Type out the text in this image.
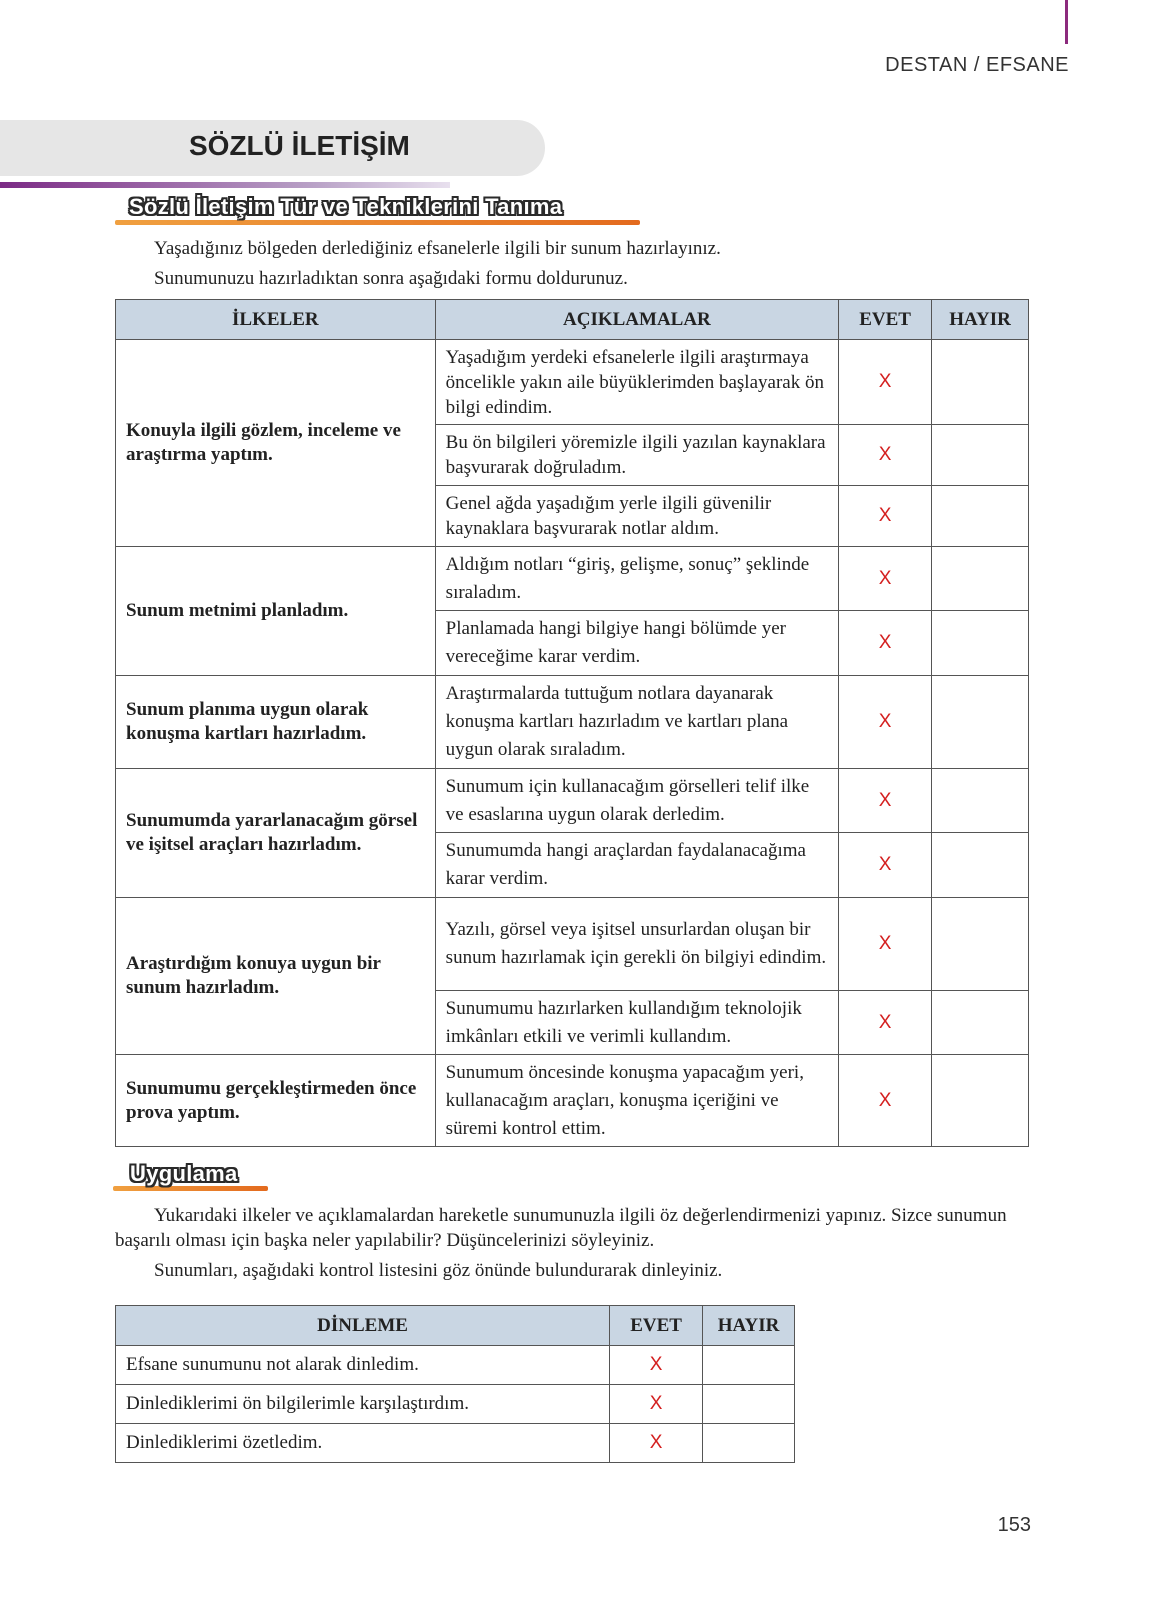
DESTAN / EFSANE
SÖZLÜ İLETİŞİM
Sözlü İletişim Tür ve Tekniklerini Tanıma
Yaşadığınız bölgeden derlediğiniz efsanelerle ilgili bir sunum hazırlayınız.
Sunumunuzu hazırladıktan sonra aşağıdaki formu doldurunuz.
İLKELER	AÇIKLAMALAR	EVET	HAYIR
Konuyla ilgili gözlem, inceleme ve araştırma yaptım.	Yaşadığım yerdeki efsanelerle ilgili araştırmaya öncelikle yakın aile büyüklerimden başlayarak ön bilgi edindim.	X	
	Bu ön bilgileri yöremizle ilgili yazılan kaynaklara başvurarak doğruladım.	X	
	Genel ağda yaşadığım yerle ilgili güvenilir kaynaklara başvurarak notlar aldım.	X	
Sunum metnimi planladım.	Aldığım notları “giriş, gelişme, sonuç” şeklinde sıraladım.	X	
	Planlamada hangi bilgiye hangi bölümde yer vereceğime karar verdim.	X	
Sunum planıma uygun olarak konuşma kartları hazırladım.	Araştırmalarda tuttuğum notlara dayanarak konuşma kartları hazırladım ve kartları plana uygun olarak sıraladım.	X	
Sunumumda yararlanacağım görsel ve işitsel araçları hazırladım.	Sunumum için kullanacağım görselleri telif ilke ve esaslarına uygun olarak derledim.	X	
	Sunumumda hangi araçlardan faydalanacağıma karar verdim.	X	
Araştırdığım konuya uygun bir sunum hazırladım.	Yazılı, görsel veya işitsel unsurlardan oluşan bir sunum hazırlamak için gerekli ön bilgiyi edindim.	X	
	Sunumumu hazırlarken kullandığım teknolojik imkânları etkili ve verimli kullandım.	X	
Sunumumu gerçekleştirmeden önce prova yaptım.	Sunumum öncesinde konuşma yapacağım yeri, kullanacağım araçları, konuşma içeriğini ve süremi kontrol ettim.	X	
Uygulama
Yukarıdaki ilkeler ve açıklamalardan hareketle sunumunuzla ilgili öz değerlendirmenizi yapınız. Sizce sunumun başarılı olması için başka neler yapılabilir? Düşüncelerinizi söyleyiniz.
Sunumları, aşağıdaki kontrol listesini göz önünde bulundurarak dinleyiniz.
DİNLEME	EVET	HAYIR
Efsane sunumunu not alarak dinledim.	X	
Dinlediklerimi ön bilgilerimle karşılaştırdım.	X	
Dinlediklerimi özetledim.	X	
153
